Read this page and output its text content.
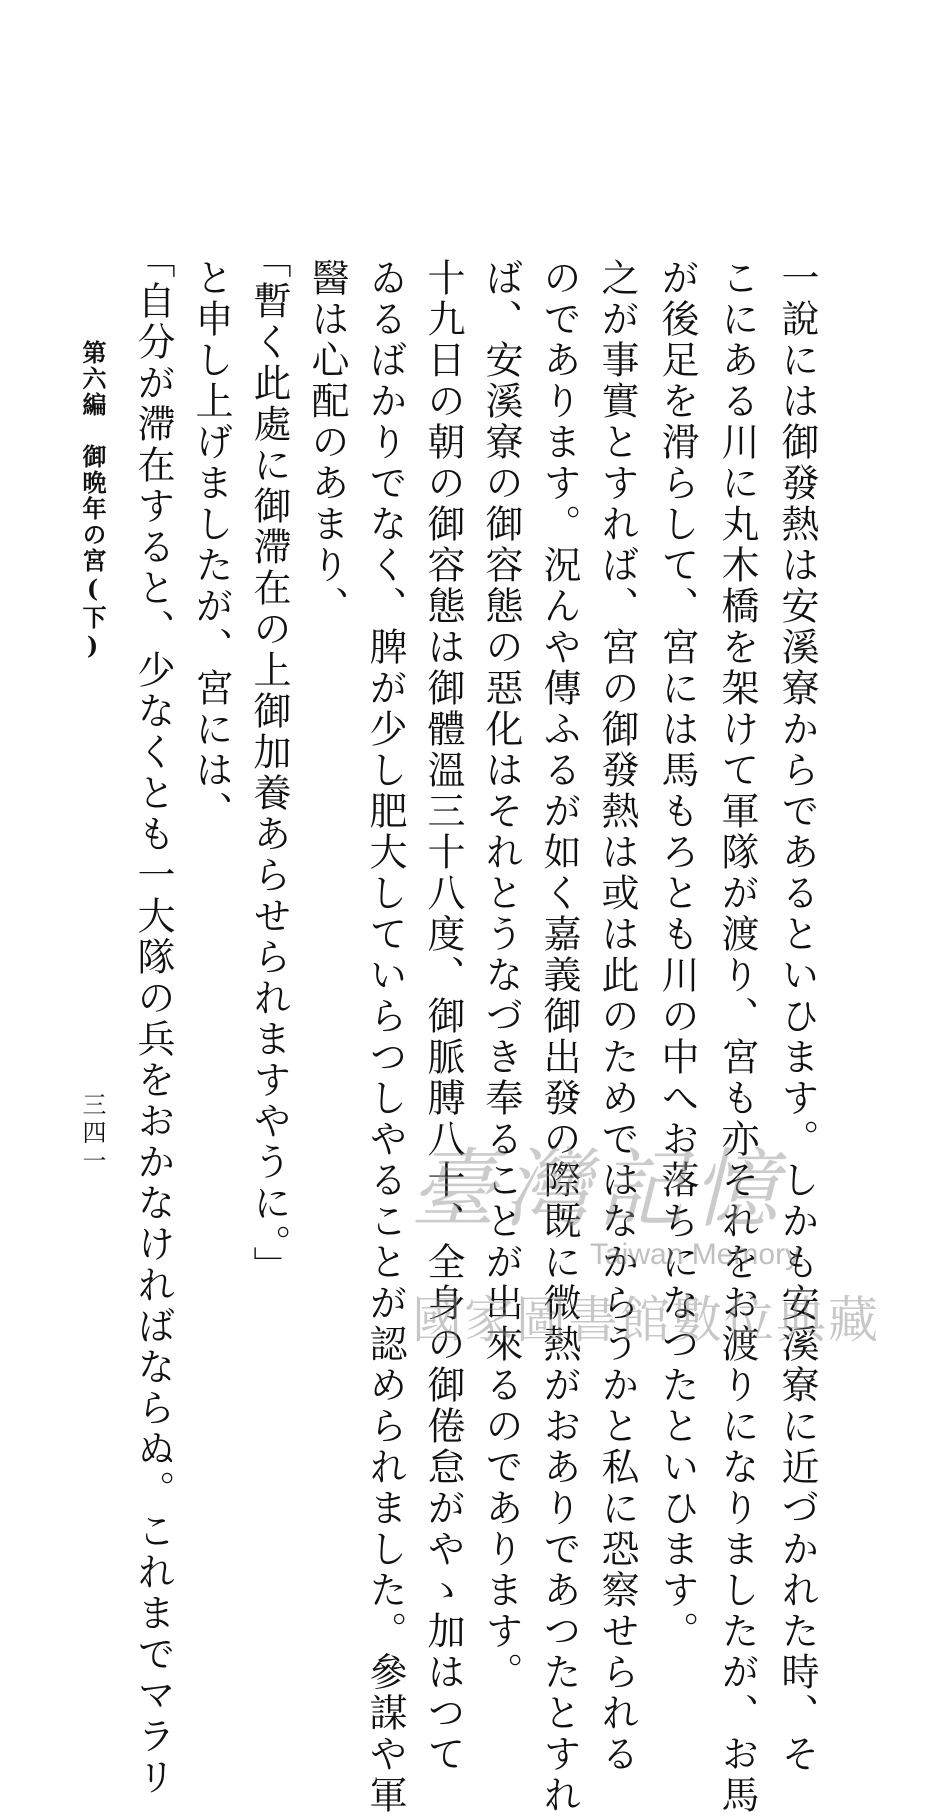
一說には御發熱は安溪寮からであるといひます。しかも安溪寮に近づかれた時、そ
こにある川に丸木橋を架けて軍隊が渡り、宮も亦それをお渡りになりましたが、お馬
が後足を滑らして、宮には馬もろとも川の中へお落ちになつたといひます。
之が事實とすれば、宮の御發熱は或は此のためではなからうかと私に恐察せられる
のであります。況んや傳ふるが如く嘉義御出發の際既に微熱がおありであつたとすれ
ば、安溪寮の御容態の惡化はそれとうなづき奉ることが出來るのであります。
十九日の朝の御容態は御體溫三十八度、御脈膊八十、全身の御倦怠がやゝ加はつて
ゐるばかりでなく、脾が少し肥大していらつしやることが認められました。參謀や軍
醫は心配のあまり、
「暫く此處に御滯在の上御加養あらせられますやうに。」
と申し上げましたが、宮には、
「自分が滯在すると、少なくとも一大隊の兵をおかなければならぬ。これまでマラリ
第六編　御晩年の宮(下)
三四一
臺灣記憶
Taiwan Memory
國家圖書館數位典藏
